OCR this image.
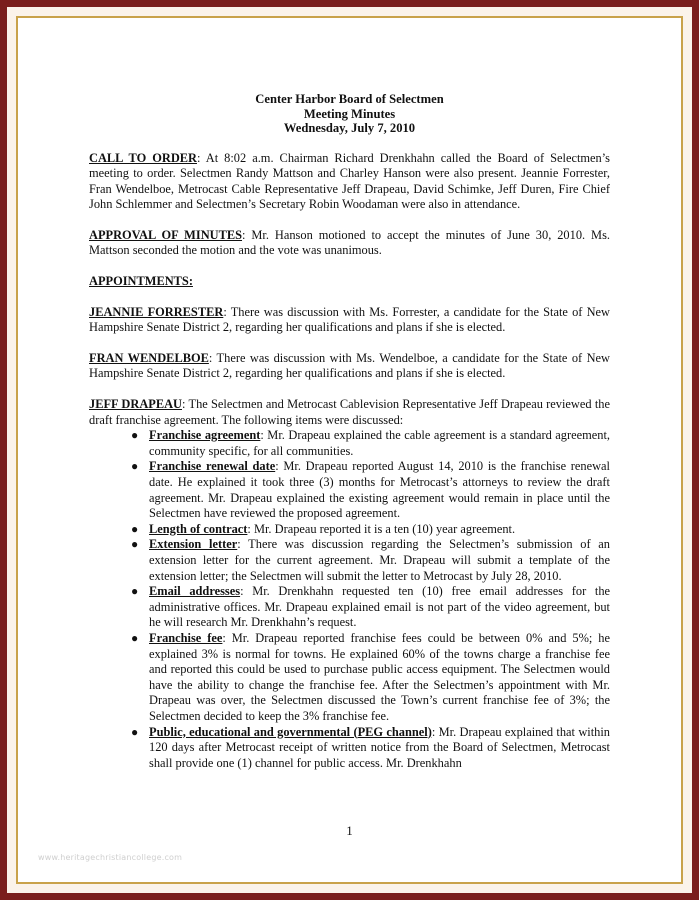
Center Harbor Board of Selectmen
Meeting Minutes
Wednesday, July 7, 2010

CALL TO ORDER: At 8:02 a.m. Chairman Richard Drenkhahn called the Board of Selectmen’s meeting to order. Selectmen Randy Mattson and Charley Hanson were also present. Jeannie Forrester, Fran Wendelboe, Metrocast Cable Representative Jeff Drapeau, David Schimke, Jeff Duren, Fire Chief John Schlemmer and Selectmen’s Secretary Robin Woodaman were also in attendance.

APPROVAL OF MINUTES: Mr. Hanson motioned to accept the minutes of June 30, 2010. Ms. Mattson seconded the motion and the vote was unanimous.

APPOINTMENTS:

JEANNIE FORRESTER: There was discussion with Ms. Forrester, a candidate for the State of New Hampshire Senate District 2, regarding her qualifications and plans if she is elected.

FRAN WENDELBOE: There was discussion with Ms. Wendelboe, a candidate for the State of New Hampshire Senate District 2, regarding her qualifications and plans if she is elected.

JEFF DRAPEAU: The Selectmen and Metrocast Cablevision Representative Jeff Drapeau reviewed the draft franchise agreement. The following items were discussed:

● Franchise agreement: Mr. Drapeau explained the cable agreement is a standard agreement, community specific, for all communities.
● Franchise renewal date: Mr. Drapeau reported August 14, 2010 is the franchise renewal date. He explained it took three (3) months for Metrocast’s attorneys to review the draft agreement. Mr. Drapeau explained the existing agreement would remain in place until the Selectmen have reviewed the proposed agreement.
● Length of contract: Mr. Drapeau reported it is a ten (10) year agreement.
● Extension letter: There was discussion regarding the Selectmen’s submission of an extension letter for the current agreement. Mr. Drapeau will submit a template of the extension letter; the Selectmen will submit the letter to Metrocast by July 28, 2010.
● Email addresses: Mr. Drenkhahn requested ten (10) free email addresses for the administrative offices. Mr. Drapeau explained email is not part of the video agreement, but he will research Mr. Drenkhahn’s request.
● Franchise fee: Mr. Drapeau reported franchise fees could be between 0% and 5%; he explained 3% is normal for towns. He explained 60% of the towns charge a franchise fee and reported this could be used to purchase public access equipment. The Selectmen would have the ability to change the franchise fee. After the Selectmen’s appointment with Mr. Drapeau was over, the Selectmen discussed the Town’s current franchise fee of 3%; the Selectmen decided to keep the 3% franchise fee.
● Public, educational and governmental (PEG channel): Mr. Drapeau explained that within 120 days after Metrocast receipt of written notice from the Board of Selectmen, Metrocast shall provide one (1) channel for public access. Mr. Drenkhahn
1
www.heritagechristiancollege.com
